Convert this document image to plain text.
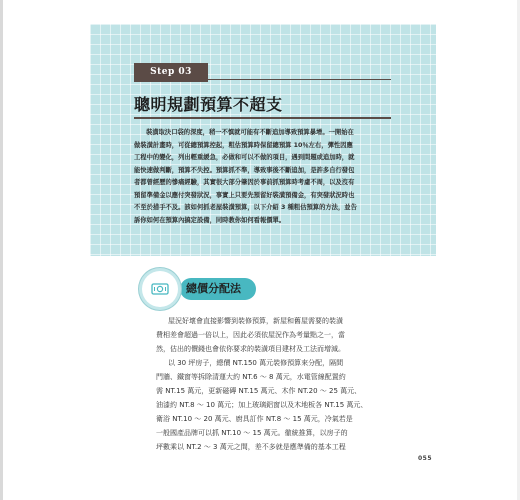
Step 03
聰明規劃預算不超支
裝潢取決口袋的深度，稍一不慎就可能有不斷追加導致預算暴增。一開始在
做裝潢計畫時，可從總預算控起，粗估預算時保留總預算 10％左右，彈性因應
工程中的變化，列出輕重緩急，必做和可以不做的項目，遇到問題或追加時，就
能快速做判斷，預算不失控。預算抓不準，導致事後不斷追加，是許多自行發包
者都曾經歷的慘痛經驗，其實很大部分肇因於事前抓預算時考慮不周，以及沒有
預留準備金以應付突發狀況，事實上只要先預留好裝潢預備金，有突發狀況時也
不至於措手不及。該如何抓老屋裝潢預算，以下介紹 3 種粗估預算的方法，並告
訴你如何在預算內搞定設備，同時教你如何看報價單。
總價分配法
屋況好壞會直接影響到裝修預算，新屋和舊屋需要的裝潢
費相差會超過一倍以上，因此必須依屋況作為考量點之一，當
然，估出的價錢也會依你要求的裝潢項目建材及工法而增減。
以 30 坪房子，總價 NT.150 萬元裝修預算來分配，隔間
門牆、鐵窗等拆除清運大約 NT.6 ～ 8 萬元，水電管線配置約
需 NT.15 萬元，更新磁磚 NT.15 萬元、木作 NT.20 ～ 25 萬元、
油漆約 NT.8 ～ 10 萬元；加上玻璃鋁窗以及木地板各 NT.15 萬元、
衛浴 NT.10 ～ 20 萬元、廚具訂作 NT.8 ～ 15 萬元，冷氣若是
一般國產品牌可以抓 NT.10 ～ 15 萬元。徹統推算，以房子的
坪數乘以 NT.2 ～ 3 萬元之間，差不多就是應準備的基本工程
055
